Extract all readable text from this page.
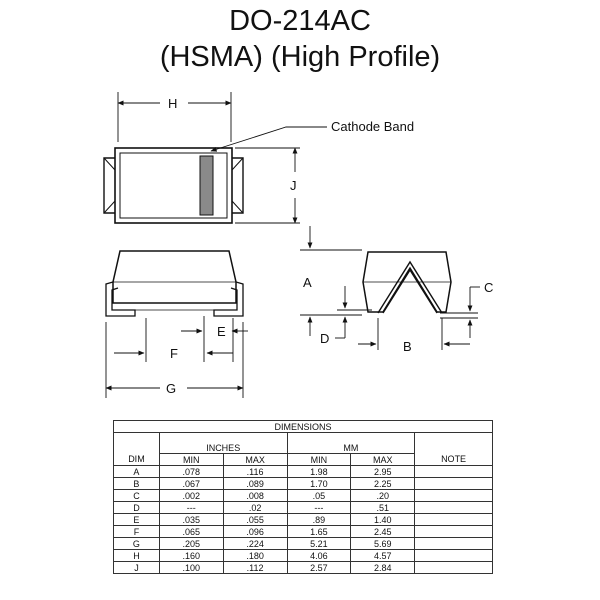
DO-214AC
(HSMA) (High Profile)
Cathode Band
H
J
E
F
G
A
D
B
C
DIMENSIONS					
	INCHES		MM		
DIM	MIN	MAX	MIN	MAX	NOTE
A	.078	.116	1.98	2.95	
B	.067	.089	1.70	2.25	
C	.002	.008	.05	.20	
D	---	.02	---	.51	
E	.035	.055	.89	1.40	
F	.065	.096	1.65	2.45	
G	.205	.224	5.21	5.69	
H	.160	.180	4.06	4.57	
J	.100	.112	2.57	2.84	
